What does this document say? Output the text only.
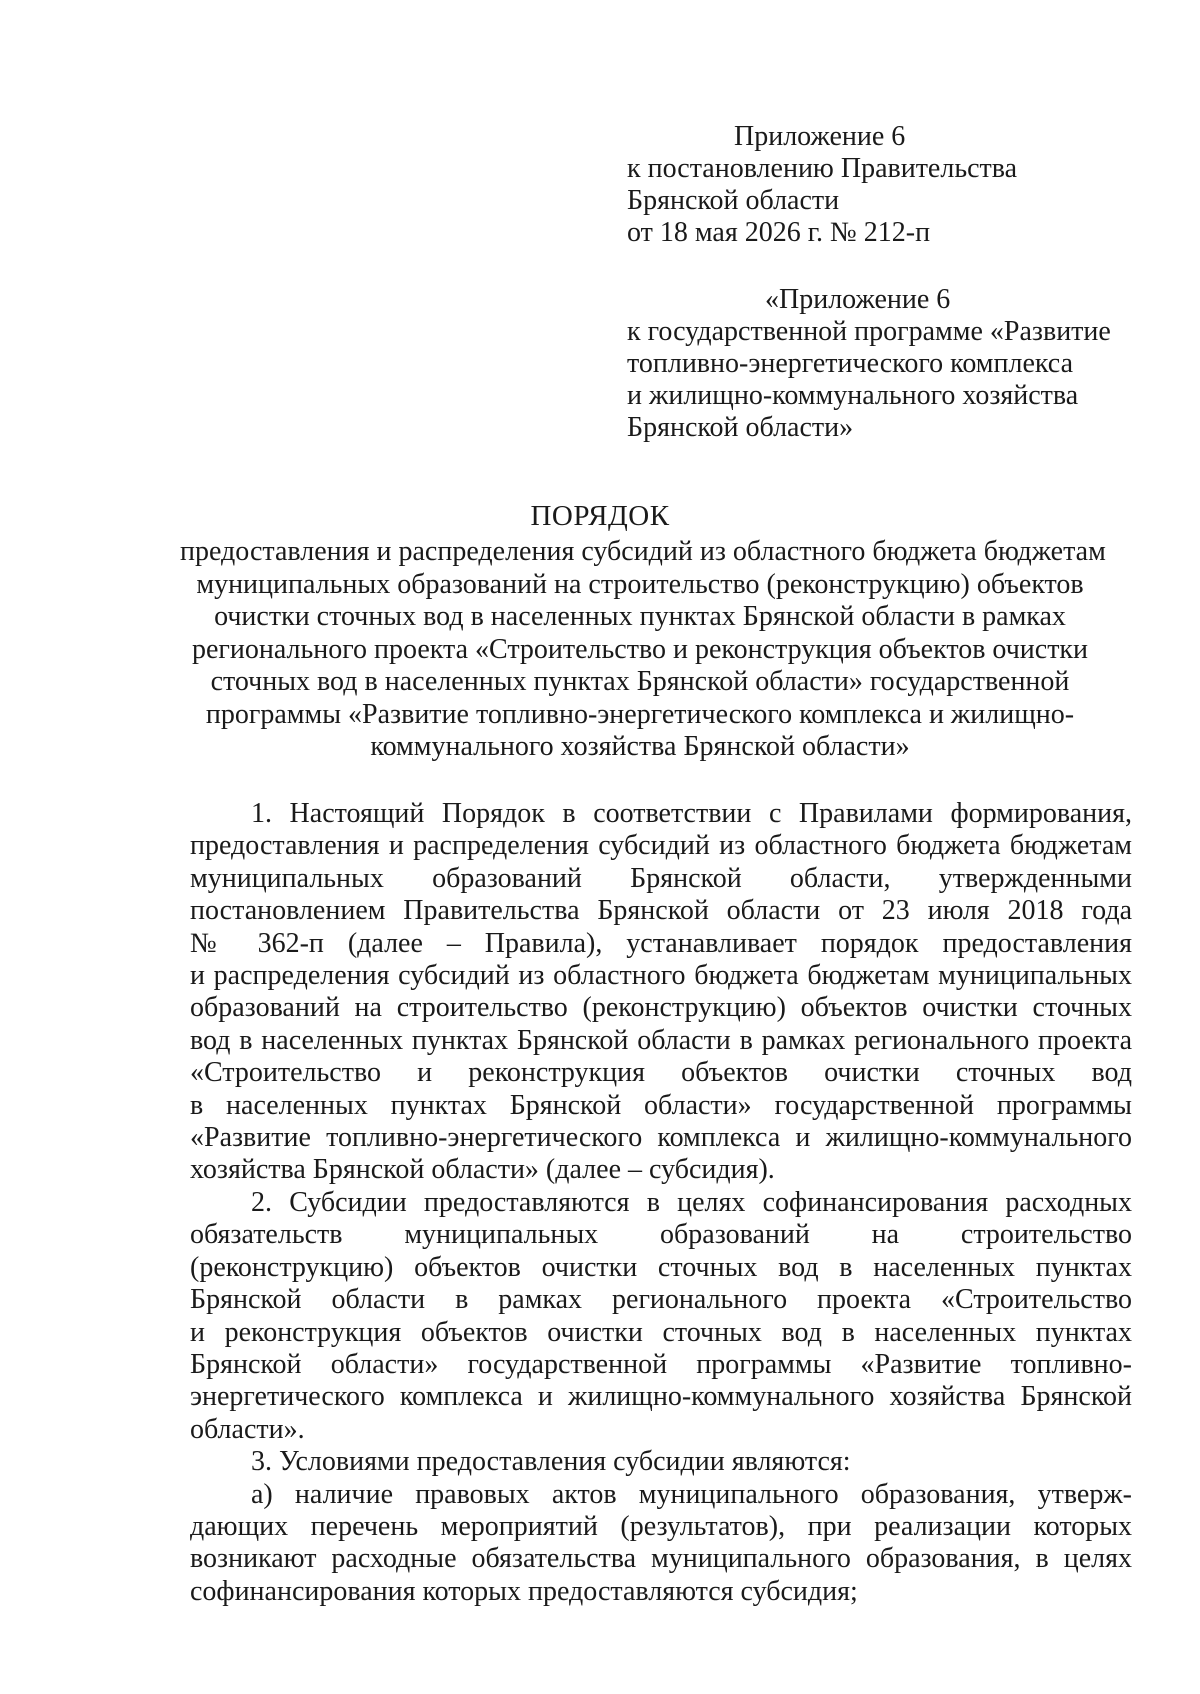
Приложение 6
к постановлению Правительства
Брянской области
от 18 мая 2026 г. № 212-п
«Приложение 6
к государственной программе «Развитие
топливно-энергетического комплекса
и жилищно-коммунального хозяйства
Брянской области»
ПОРЯДОК
предоставления и распределения субсидий из областного бюджета бюджетам
муниципальных образований на строительство (реконструкцию) объектов
очистки сточных вод в населенных пунктах Брянской области в рамках
регионального проекта «Строительство и реконструкция объектов очистки
сточных вод в населенных пунктах Брянской области» государственной
программы «Развитие топливно-энергетического комплекса и жилищно-
коммунального хозяйства Брянской области»
1. Настоящий Порядок в соответствии с Правилами формирования,
предоставления и распределения субсидий из областного бюджета бюджетам
муниципальных образований Брянской области, утвержденными
постановлением Правительства Брянской области от 23 июля 2018 года
№ 362-п (далее – Правила), устанавливает порядок предоставления
и распределения субсидий из областного бюджета бюджетам муниципальных
образований на строительство (реконструкцию) объектов очистки сточных
вод в населенных пунктах Брянской области в рамках регионального проекта
«Строительство и реконструкция объектов очистки сточных вод
в населенных пунктах Брянской области» государственной программы
«Развитие топливно-энергетического комплекса и жилищно-коммунального
хозяйства Брянской области» (далее – субсидия).
2. Субсидии предоставляются в целях софинансирования расходных
обязательств муниципальных образований на строительство
(реконструкцию) объектов очистки сточных вод в населенных пунктах
Брянской области в рамках регионального проекта «Строительство
и реконструкция объектов очистки сточных вод в населенных пунктах
Брянской области» государственной программы «Развитие топливно-
энергетического комплекса и жилищно-коммунального хозяйства Брянской
области».
3. Условиями предоставления субсидии являются:
а) наличие правовых актов муниципального образования, утверж-
дающих перечень мероприятий (результатов), при реализации которых
возникают расходные обязательства муниципального образования, в целях
софинансирования которых предоставляются субсидия;
